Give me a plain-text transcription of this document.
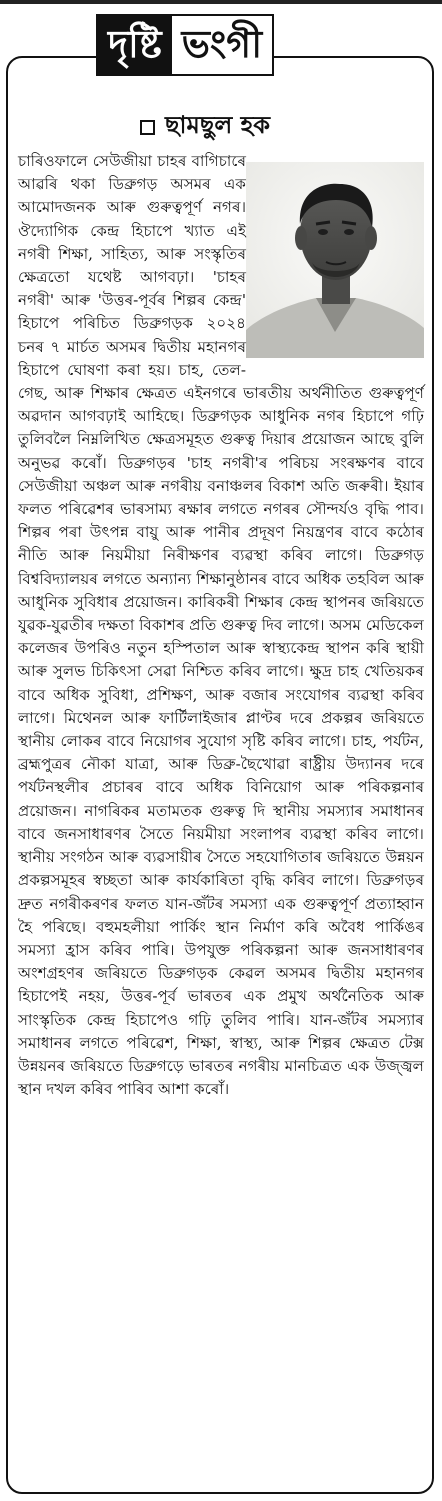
দৃষ্টি ভংগী
ছামছুল হক

চাৰিওফালে সেউজীয়া চাহৰ বাগিচাৰে আৱৰি থকা ডিব্ৰুগড় অসমৰ এক আমোদজনক আৰু গুৰুত্বপূৰ্ণ নগৰ। ঔদ্যোগিক কেন্দ্ৰ হিচাপে খ্যাত এই নগৰী শিক্ষা, সাহিত্য, আৰু সংস্কৃতিৰ ক্ষেত্ৰতো যথেষ্ট আগবঢ়া। 'চাহৰ নগৰী' আৰু 'উত্তৰ-পূৰ্বৰ শিল্পৰ কেন্দ্ৰ' হিচাপে পৰিচিত ডিব্ৰুগড়ক ২০২৪ চনৰ ৭ মাৰ্চত অসমৰ দ্বিতীয় মহানগৰ হিচাপে ঘোষণা কৰা হয়। চাহ, তেল-গেছ, আৰু শিক্ষাৰ ক্ষেত্ৰত এইনগৰে ভাৰতীয় অৰ্থনীতিত গুৰুত্বপূৰ্ণ অৱদান আগবঢ়াই আহিছে। ডিব্ৰুগড়ক আধুনিক নগৰ হিচাপে গঢ়ি তুলিবলৈ নিম্নলিখিত ক্ষেত্ৰসমূহত গুৰুত্ব দিয়াৰ প্ৰয়োজন আছে বুলি অনুভৱ কৰোঁ। ডিব্ৰুগড়ৰ 'চাহ নগৰী'ৰ পৰিচয় সংৰক্ষণৰ বাবে সেউজীয়া অঞ্চল আৰু নগৰীয় বনাঞ্চলৰ বিকাশ অতি জৰুৰী। ইয়াৰ ফলত পৰিৱেশৰ ভাৰসাম্য ৰক্ষাৰ লগতে নগৰৰ সৌন্দৰ্যও বৃদ্ধি পাব। শিল্পৰ পৰা উৎপন্ন বায়ু আৰু পানীৰ প্ৰদূষণ নিয়ন্ত্ৰণৰ বাবে কঠোৰ নীতি আৰু নিয়মীয়া নিৰীক্ষণৰ ব্যৱস্থা কৰিব লাগে। ডিব্ৰুগড় বিশ্ববিদ্যালয়ৰ লগতে অন্যান্য শিক্ষানুষ্ঠানৰ বাবে অধিক তহবিল আৰু আধুনিক সুবিধাৰ প্ৰয়োজন। কাৰিকৰী শিক্ষাৰ কেন্দ্ৰ স্থাপনৰ জৰিয়তে যুৱক-যুৱতীৰ দক্ষতা বিকাশৰ প্ৰতি গুৰুত্ব দিব লাগে। অসম মেডিকেল কলেজৰ উপৰিও নতুন হস্পিতাল আৰু স্বাস্থ্যকেন্দ্ৰ স্থাপন কৰি স্থায়ী আৰু সুলভ চিকিৎসা সেৱা নিশ্চিত কৰিব লাগে। ক্ষুদ্ৰ চাহ খেতিয়কৰ বাবে অধিক সুবিধা, প্ৰশিক্ষণ, আৰু বজাৰ সংযোগৰ ব্যৱস্থা কৰিব লাগে। মিথেনল আৰু ফাৰ্টিলাইজাৰ প্লাণ্টৰ দৰে প্ৰকল্পৰ জৰিয়তে স্থানীয় লোকৰ বাবে নিয়োগৰ সুযোগ সৃষ্টি কৰিব লাগে। চাহ, পৰ্যটন, ব্ৰহ্মপুত্ৰৰ নৌকা যাত্ৰা, আৰু ডিব্ৰু-ছৈখোৱা ৰাষ্ট্ৰীয় উদ্যানৰ দৰে পৰ্যটনস্থলীৰ প্ৰচাৰৰ বাবে অধিক বিনিয়োগ আৰু পৰিকল্পনাৰ প্ৰয়োজন। নাগৰিকৰ মতামতক গুৰুত্ব দি স্থানীয় সমস্যাৰ সমাধানৰ বাবে জনসাধাৰণৰ সৈতে নিয়মীয়া সংলাপৰ ব্যৱস্থা কৰিব লাগে। স্থানীয় সংগঠন আৰু ব্যৱসায়ীৰ সৈতে সহযোগিতাৰ জৰিয়তে উন্নয়ন প্ৰকল্পসমূহৰ স্বচ্ছতা আৰু কাৰ্যকাৰিতা বৃদ্ধি কৰিব লাগে। ডিব্ৰুগড়ৰ দ্ৰুত নগৰীকৰণৰ ফলত যান-জঁটৰ সমস্যা এক গুৰুত্বপূৰ্ণ প্ৰত্যাহ্বান হৈ পৰিছে। বহুমহলীয়া পাৰ্কিং স্থান নিৰ্মাণ কৰি অবৈধ পাৰ্কিঙৰ সমস্যা হ্ৰাস কৰিব পাৰি। উপযুক্ত পৰিকল্পনা আৰু জনসাধাৰণৰ অংশগ্ৰহণৰ জৰিয়তে ডিব্ৰুগড়ক কেৱল অসমৰ দ্বিতীয় মহানগৰ হিচাপেই নহয়, উত্তৰ-পূৰ্ব ভাৰতৰ এক প্ৰমুখ অৰ্থনৈতিক আৰু সাংস্কৃতিক কেন্দ্ৰ হিচাপেও গঢ়ি তুলিব পাৰি। যান-জঁটৰ সমস্যাৰ সমাধানৰ লগতে পৰিৱেশ, শিক্ষা, স্বাস্থ্য, আৰু শিল্পৰ ক্ষেত্ৰত টেক্স উন্নয়নৰ জৰিয়তে ডিব্ৰুগড়ে ভাৰতৰ নগৰীয় মানচিত্ৰত এক উজ্জ্বল স্থান দখল কৰিব পাৰিব আশা কৰোঁ।
